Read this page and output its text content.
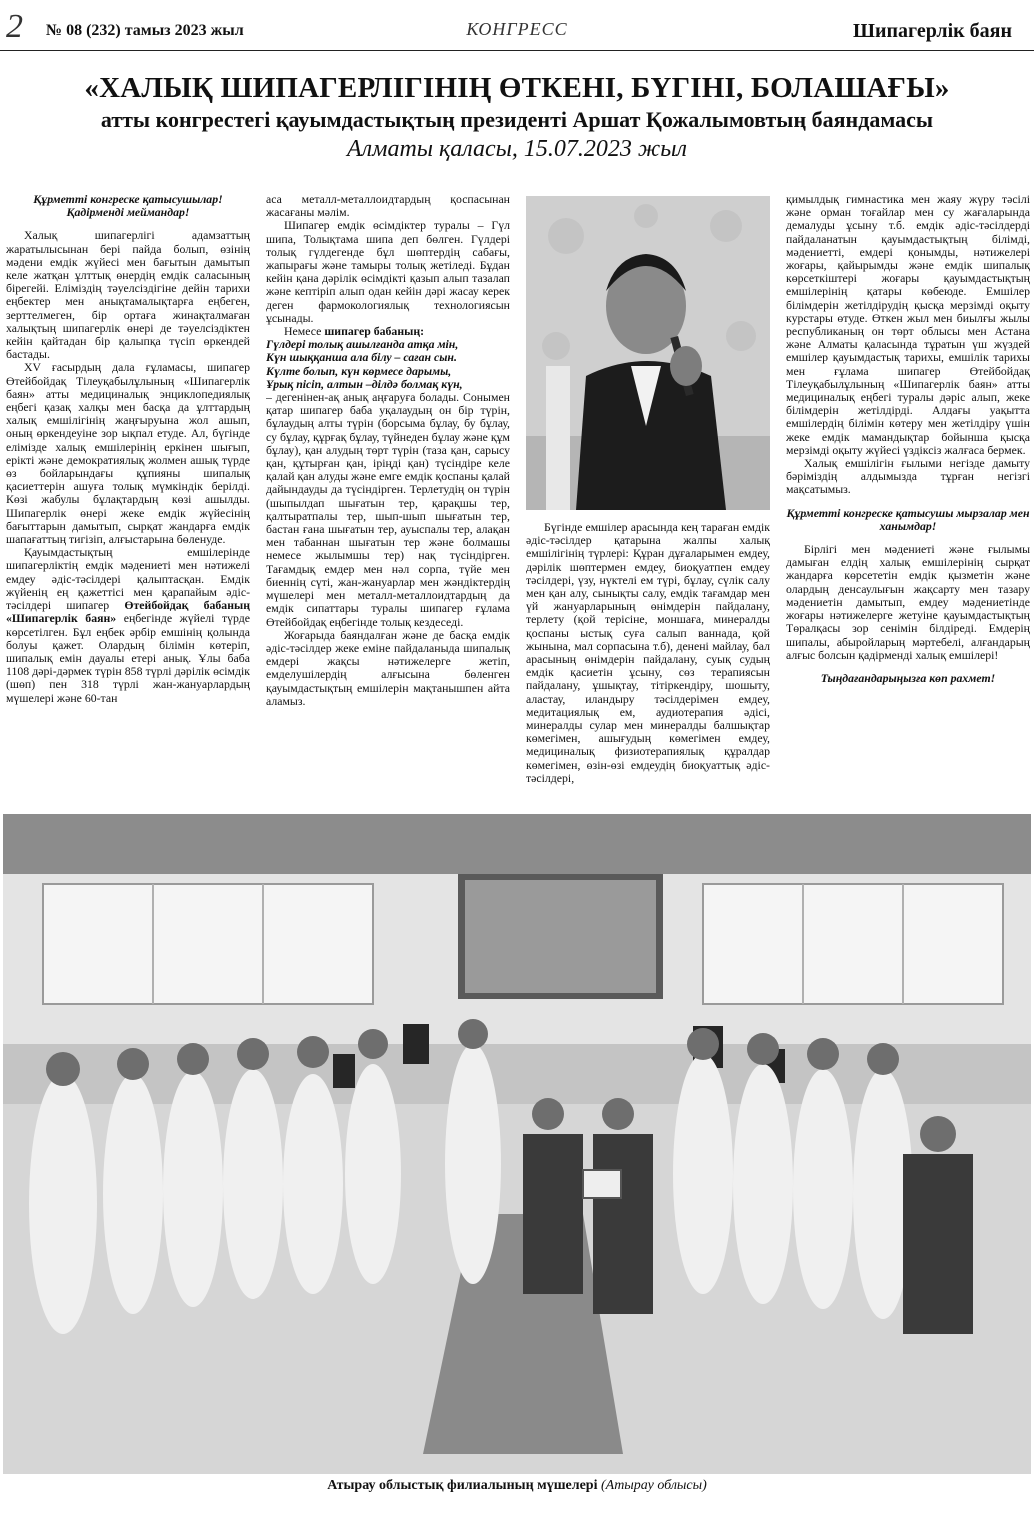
2 № 08 (232) тамыз 2023 жыл	КОНГРЕСС	Шипагерлік баян
«ХАЛЫҚ ШИПАГЕРЛІГІНІҢ ӨТКЕНІ, БҮГІНІ, БОЛАШАҒЫ»
атты конгрестегі қауымдастықтың президенті Аршат Қожалымовтың баяндамасы
Алматы қаласы, 15.07.2023 жыл

Құрметті конгреске қатысушылар! Қадірменді меймандар!

Халық шипагерлігі адамзаттың жаратылысынан бері пайда болып, өзінің мәдени емдік жүйесі мен бағытын дамытып келе жатқан ұлттық өнердің емдік саласының бірегейі. Еліміздің тәуелсіздігіне дейін тарихи еңбектер мен анықтамалықтарға еңбеген, зерттелмеген, бір ортаға жинақталмаған халықтың шипагерлік өнері де тәуелсіздіктен кейін қайтадан бір қалыпқа түсіп өркендей бастады.

XV ғасырдың дала ғұламасы, шипагер Өтейбойдақ Тілеуқабылұлының «Шипагерлік баян» атты медициналық энциклопедиялық еңбегі қазақ халқы мен басқа да ұлттардың халық емшілігінің жаңғыруына жол ашып, оның өркендеуіне зор ықпал етуде. Ал, бүгінде елімізде халық емшілерінің еркінен шығып, ерікті және демократиялық жолмен ашық түрде өз бойларындағы құпияны шипалық қасиеттерін ашуға толық мүмкіндік берілді. Көзі жабулы бұлақтардың көзі ашылды. Шипагерлік өнері жеке емдік жүйесінің бағыттарын дамытып, сырқат жандарға емдік шапағаттың тигізіп, алғыстарына бөленуде.

Қауымдастықтың емшілерінде шипагерліктің емдік мәдениеті мен нәтижелі емдеу әдіс-тәсілдері қалыптасқан. Емдік жүйенің ең қажеттісі мен қарапайым әдіс-тәсілдері шипагер Өтейбойдақ бабаның «Шипагерлік баян» еңбегінде жүйелі түрде көрсетілген. Бұл еңбек әрбір емшінің қолында болуы қажет. Олардың білімін көтеріп, шипалық емін дауалы етері анық. Ұлы баба 1108 дәрі-дәрмек түрін 858 түрлі дәрілік өсімдік (шөп) пен 318 түрлі жан-жануарлардың мүшелері және 60-тан

аса металл-металлоидтардың қоспасынан жасағаны мәлім.

Шипагер емдік өсімдіктер туралы – Гүл шипа, Толықтама шипа деп бөлген. Гүлдері толық гүлдегенде бұл шөптердің сабағы, жапырағы және тамыры толық жетіледі. Бұдан кейін қана дәрілік өсімдікті қазып алып тазалап және кептіріп алып одан кейін дәрі жасау керек деген фармокологиялық технологиясын ұсынады.

Немесе шипагер бабаның:

Гүлдері толық ашылғанда атқа мін,

Күн шыққанша ала білу – саған сын.

Күлте болып, күн көрмесе дарымы,

Ұрық пісіп, алтын –ділдә болмақ күн,

– дегенінен-ақ анық аңғаруға болады. Сонымен қатар шипагер баба уқалаудың он бір түрін, бұлаудың алты түрін (борсыма бұлау, бу бұлау, су бұлау, құрғақ бұлау, түйнеден бұлау және құм бұлау), қан алудың төрт түрін (таза қан, сарысу қан, құтырған қан, іріңді қан) түсіндіре келе қалай қан алуды және емге емдік қоспаны қалай дайындауды да түсіндірген. Терлетудің он түрін (шыпылдап шығатын тер, қарақшы тер, қалтыратпалы тер, шып-шып шығатын тер, бастан ғана шығатын тер, ауыспалы тер, алақан мен табаннан шығатын тер және болмашы немесе жылымшы тер) нақ түсіндірген. Тағамдық емдер мен нәл сорпа, түйе мен биеннің сүті, жан-жануарлар мен жәндіктердің мүшелері мен металл-металлоидтардың да емдік сипаттары туралы шипагер ғұлама Өтейбойдақ еңбегінде толық кездеседі.

Жоғарыда баяндалған және де басқа емдік әдіс-тәсілдер жеке еміне пайдаланыда шипалық емдері жақсы нәтижелерге жетіп, емделушілердің алғысына бөленген қауымдастықтың емшілерін мақтанышпен айта аламыз.

Бүгінде емшілер арасында кең тараған емдік әдіс-тәсілдер қатарына жалпы халық емшілігінің түрлері: Құран дұғаларымен емдеу, дәрілік шөптермен емдеу, биоқуатпен емдеу тәсілдері, үзу, нүктелі ем түрі, бұлау, сүлік салу мен қан алу, сынықты салу, емдік тағамдар мен үй жануарларының өнімдерін пайдалану, терлету (қой терісіне, моншаға, минералды қоспаны ыстық суға салып ваннада, қой жынына, мал сорпасына т.б), денені майлау, бал арасының өнімдерін пайдалану, суық судың емдік қасиетін ұсыну, сөз терапиясын пайдалану, ұшықтау, тітіркендіру, шошыту, аластау, иландыру тәсілдерімен емдеу, медитациялық ем, аудиотерапия әдісі, минералды сулар мен минералды балшықтар көмегімен, ашығудың көмегімен емдеу, медициналық физиотерапиялық құралдар көмегімен, өзін-өзі емдеудің биоқуаттық әдіс-тәсілдері,

қимылдық гимнастика мен жаяу жүру тәсілі және орман тоғайлар мен су жағаларында демалуды ұсыну т.б. емдік әдіс-тәсілдерді пайдаланатын қауымдастықтың білімді, мәдениетті, емдері қонымды, нәтижелері жоғары, қайырымды және емдік шипалық көрсеткіштері жоғары қауымдастықтың емшілерінің қатары көбеюде. Емшілер білімдерін жетілдірудің қысқа мерзімді оқыту курстары өтуде. Өткен жыл мен биылғы жылы республиканың он төрт облысы мен Астана және Алматы қаласында тұратын үш жүздей емшілер қауымдастық тарихы, емшілік тарихы мен ғұлама шипагер Өтейбойдақ Тілеуқабылұлының «Шипагерлік баян» атты медициналық еңбегі туралы дәріс алып, жеке білімдерін жетілдірді. Алдағы уақытта емшілердің білімін көтеру мен жетілдіру үшін жеке емдік мамандықтар бойынша қысқа мерзімді оқыту жүйесі үздіксіз жалғаса бермек.

Халық емшілігін ғылыми негізде дамыту бәріміздің алдымызда тұрған негізгі мақсатымыз.

Құрметті конгреске қатысушы мырзалар мен ханымдар!

Бірлігі мен мәдениеті және ғылымы дамыған елдің халық емшілерінің сырқат жандарға көрсететін емдік қызметін және олардың денсаулығын жақсарту мен тазару мәдениетін дамытып, емдеу мәдениетінде жоғары нәтижелерге жетуіне қауымдастықтың Төралқасы зор сенімін білдіреді. Емдерің шипалы, абыройларың мәртебелі, алғандарың алғыс болсын қадірменді халық емшілері!

Тыңдағандарыңызға көп рахмет!

Атырау облыстық филиалының мүшелері (Атырау облысы)
